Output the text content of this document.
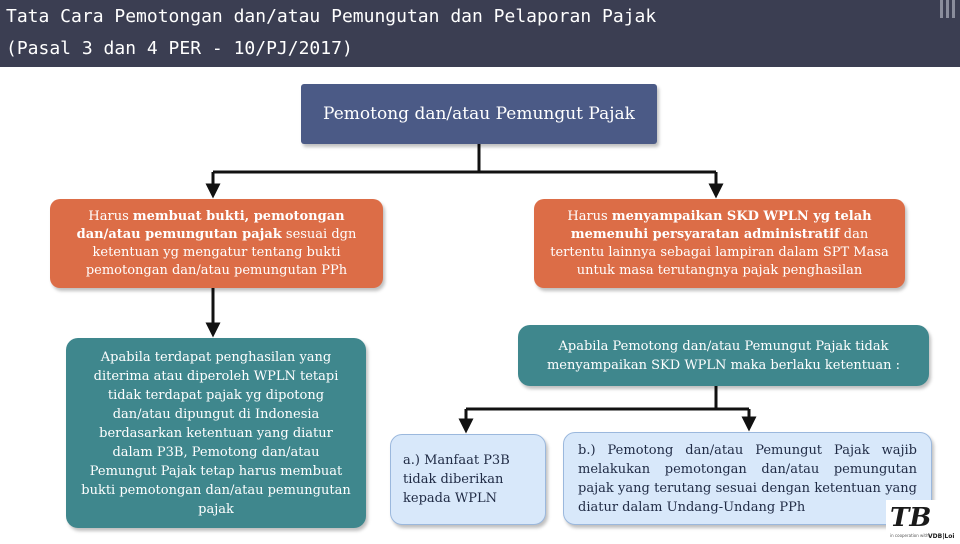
Tata Cara Pemotongan dan/atau Pemungutan dan Pelaporan Pajak
(Pasal 3 dan 4 PER - 10/PJ/2017)
Pemotong dan/atau Pemungut Pajak
Harus membuat bukti, pemotongan dan/atau pemungutan pajak sesuai dgn ketentuan yg mengatur tentang bukti pemotongan dan/atau pemungutan PPh
Harus menyampaikan SKD WPLN yg telah memenuhi persyaratan administratif dan tertentu lainnya sebagai lampiran dalam SPT Masa untuk masa terutangnya pajak penghasilan
Apabila terdapat penghasilan yang diterima atau diperoleh WPLN tetapi tidak terdapat pajak yg dipotong dan/atau dipungut di Indonesia berdasarkan ketentuan yang diatur dalam P3B, Pemotong dan/atau Pemungut Pajak tetap harus membuat bukti pemotongan dan/atau pemungutan pajak
Apabila Pemotong dan/atau Pemungut Pajak tidak menyampaikan SKD WPLN maka berlaku ketentuan :
a.) Manfaat P3B tidak diberikan kepada WPLN
b.) Pemotong dan/atau Pemungut Pajak wajib melakukan pemotongan dan/atau pemungutan pajak yang terutang sesuai dengan ketentuan yang diatur dalam Undang-Undang PPh	TB
in cooperation with VDB|Loi
